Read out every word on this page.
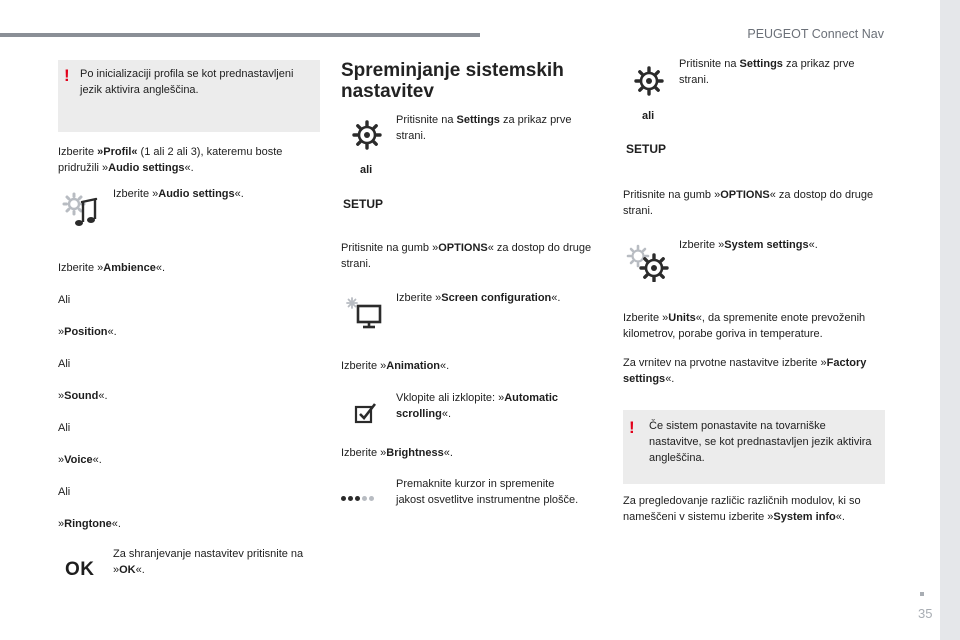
PEUGEOT Connect Nav
35
! Po inicializaciji profila se kot prednastavljeni jezik aktivira angleščina.

Izberite »Profil« (1 ali 2 ali 3), kateremu boste pridružili »Audio settings«.

Izberite »Audio settings«.

Izberite »Ambience«.

Ali

»Position«.

Ali

»Sound«.

Ali

»Voice«.

Ali

»Ringtone«.

OK

Za shranjevanje nastavitev pritisnite na »OK«.

Spreminjanje sistemskih nastavitev

Pritisnite na Settings za prikaz prve strani.

ali
SETUP

Pritisnite na gumb »OPTIONS« za dostop do druge strani.

Izberite »Screen configuration«.

Izberite »Animation«.

Vklopite ali izklopite: »Automatic scrolling«.

Izberite »Brightness«.

Premaknite kurzor in spremenite jakost osvetlitve instrumentne plošče.

Pritisnite na Settings za prikaz prve strani.

ali
SETUP

Pritisnite na gumb »OPTIONS« za dostop do druge strani.

Izberite »System settings«.

Izberite »Units«, da spremenite enote prevoženih kilometrov, porabe goriva in temperature.

Za vrnitev na prvotne nastavitve izberite »Factory settings«.

! Če sistem ponastavite na tovarniške nastavitve, se kot prednastavljen jezik aktivira angleščina.

Za pregledovanje različic različnih modulov, ki so nameščeni v sistemu izberite »System info«.
